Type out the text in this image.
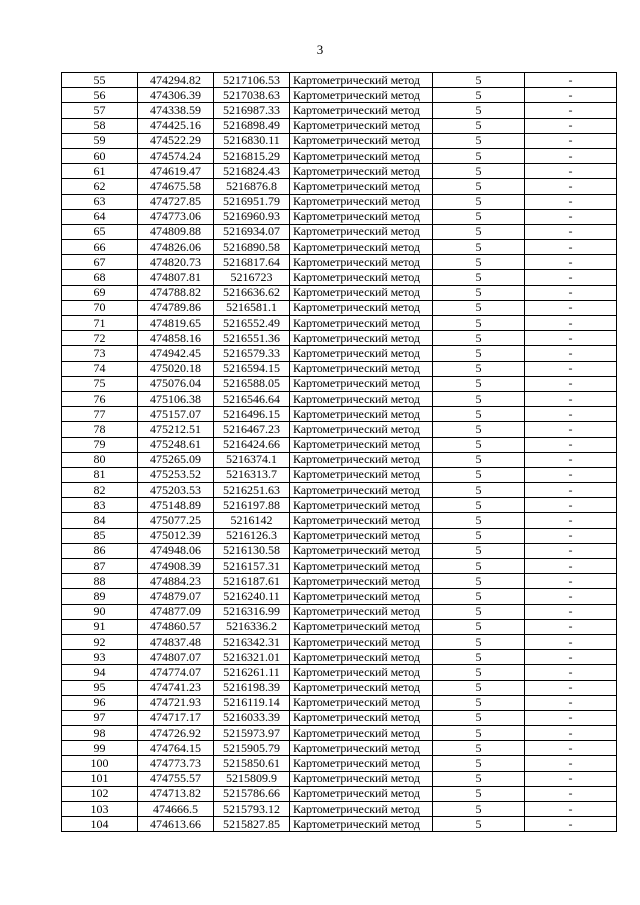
3
55	474294.82	5217106.53	Картометрический метод	5	-
56	474306.39	5217038.63	Картометрический метод	5	-
57	474338.59	5216987.33	Картометрический метод	5	-
58	474425.16	5216898.49	Картометрический метод	5	-
59	474522.29	5216830.11	Картометрический метод	5	-
60	474574.24	5216815.29	Картометрический метод	5	-
61	474619.47	5216824.43	Картометрический метод	5	-
62	474675.58	5216876.8	Картометрический метод	5	-
63	474727.85	5216951.79	Картометрический метод	5	-
64	474773.06	5216960.93	Картометрический метод	5	-
65	474809.88	5216934.07	Картометрический метод	5	-
66	474826.06	5216890.58	Картометрический метод	5	-
67	474820.73	5216817.64	Картометрический метод	5	-
68	474807.81	5216723	Картометрический метод	5	-
69	474788.82	5216636.62	Картометрический метод	5	-
70	474789.86	5216581.1	Картометрический метод	5	-
71	474819.65	5216552.49	Картометрический метод	5	-
72	474858.16	5216551.36	Картометрический метод	5	-
73	474942.45	5216579.33	Картометрический метод	5	-
74	475020.18	5216594.15	Картометрический метод	5	-
75	475076.04	5216588.05	Картометрический метод	5	-
76	475106.38	5216546.64	Картометрический метод	5	-
77	475157.07	5216496.15	Картометрический метод	5	-
78	475212.51	5216467.23	Картометрический метод	5	-
79	475248.61	5216424.66	Картометрический метод	5	-
80	475265.09	5216374.1	Картометрический метод	5	-
81	475253.52	5216313.7	Картометрический метод	5	-
82	475203.53	5216251.63	Картометрический метод	5	-
83	475148.89	5216197.88	Картометрический метод	5	-
84	475077.25	5216142	Картометрический метод	5	-
85	475012.39	5216126.3	Картометрический метод	5	-
86	474948.06	5216130.58	Картометрический метод	5	-
87	474908.39	5216157.31	Картометрический метод	5	-
88	474884.23	5216187.61	Картометрический метод	5	-
89	474879.07	5216240.11	Картометрический метод	5	-
90	474877.09	5216316.99	Картометрический метод	5	-
91	474860.57	5216336.2	Картометрический метод	5	-
92	474837.48	5216342.31	Картометрический метод	5	-
93	474807.07	5216321.01	Картометрический метод	5	-
94	474774.07	5216261.11	Картометрический метод	5	-
95	474741.23	5216198.39	Картометрический метод	5	-
96	474721.93	5216119.14	Картометрический метод	5	-
97	474717.17	5216033.39	Картометрический метод	5	-
98	474726.92	5215973.97	Картометрический метод	5	-
99	474764.15	5215905.79	Картометрический метод	5	-
100	474773.73	5215850.61	Картометрический метод	5	-
101	474755.57	5215809.9	Картометрический метод	5	-
102	474713.82	5215786.66	Картометрический метод	5	-
103	474666.5	5215793.12	Картометрический метод	5	-
104	474613.66	5215827.85	Картометрический метод	5	-
